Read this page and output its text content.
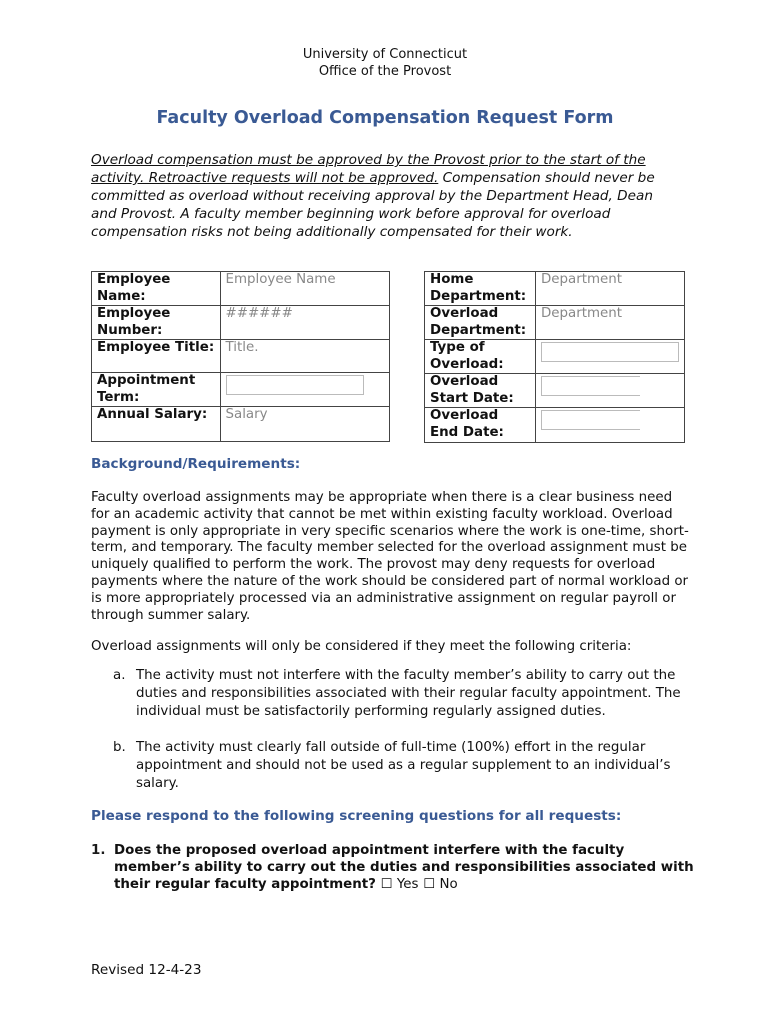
University of Connecticut
Office of the Provost
Faculty Overload Compensation Request Form
Overload compensation must be approved by the Provost prior to the start of the activity. Retroactive requests will not be approved. Compensation should never be committed as overload without receiving approval by the Department Head, Dean and Provost. A faculty member beginning work before approval for overload compensation risks not being additionally compensated for their work.
Employee Name:	Employee Name
Employee Number:	######
Employee Title:	Title.
Appointment Term:	

Annual Salary:	Salary
Home Department:	Department
Overload Department:	Department
Type of Overload:	

Overload Start Date:	

Overload End Date:	
Background/Requirements:
Faculty overload assignments may be appropriate when there is a clear business need for an academic activity that cannot be met within existing faculty workload. Overload payment is only appropriate in very specific scenarios where the work is one-time, short-term, and temporary. The faculty member selected for the overload assignment must be uniquely qualified to perform the work. The provost may deny requests for overload payments where the nature of the work should be considered part of normal workload or is more appropriately processed via an administrative assignment on regular payroll or through summer salary.
Overload assignments will only be considered if they meet the following criteria:
a. The activity must not interfere with the faculty member’s ability to carry out the duties and responsibilities associated with their regular faculty appointment. The individual must be satisfactorily performing regularly assigned duties.
b. The activity must clearly fall outside of full-time (100%) effort in the regular appointment and should not be used as a regular supplement to an individual’s salary.
Please respond to the following screening questions for all requests:
1. Does the proposed overload appointment interfere with the faculty member’s ability to carry out the duties and responsibilities associated with their regular faculty appointment? ☐ Yes ☐ No
Revised 12-4-23
